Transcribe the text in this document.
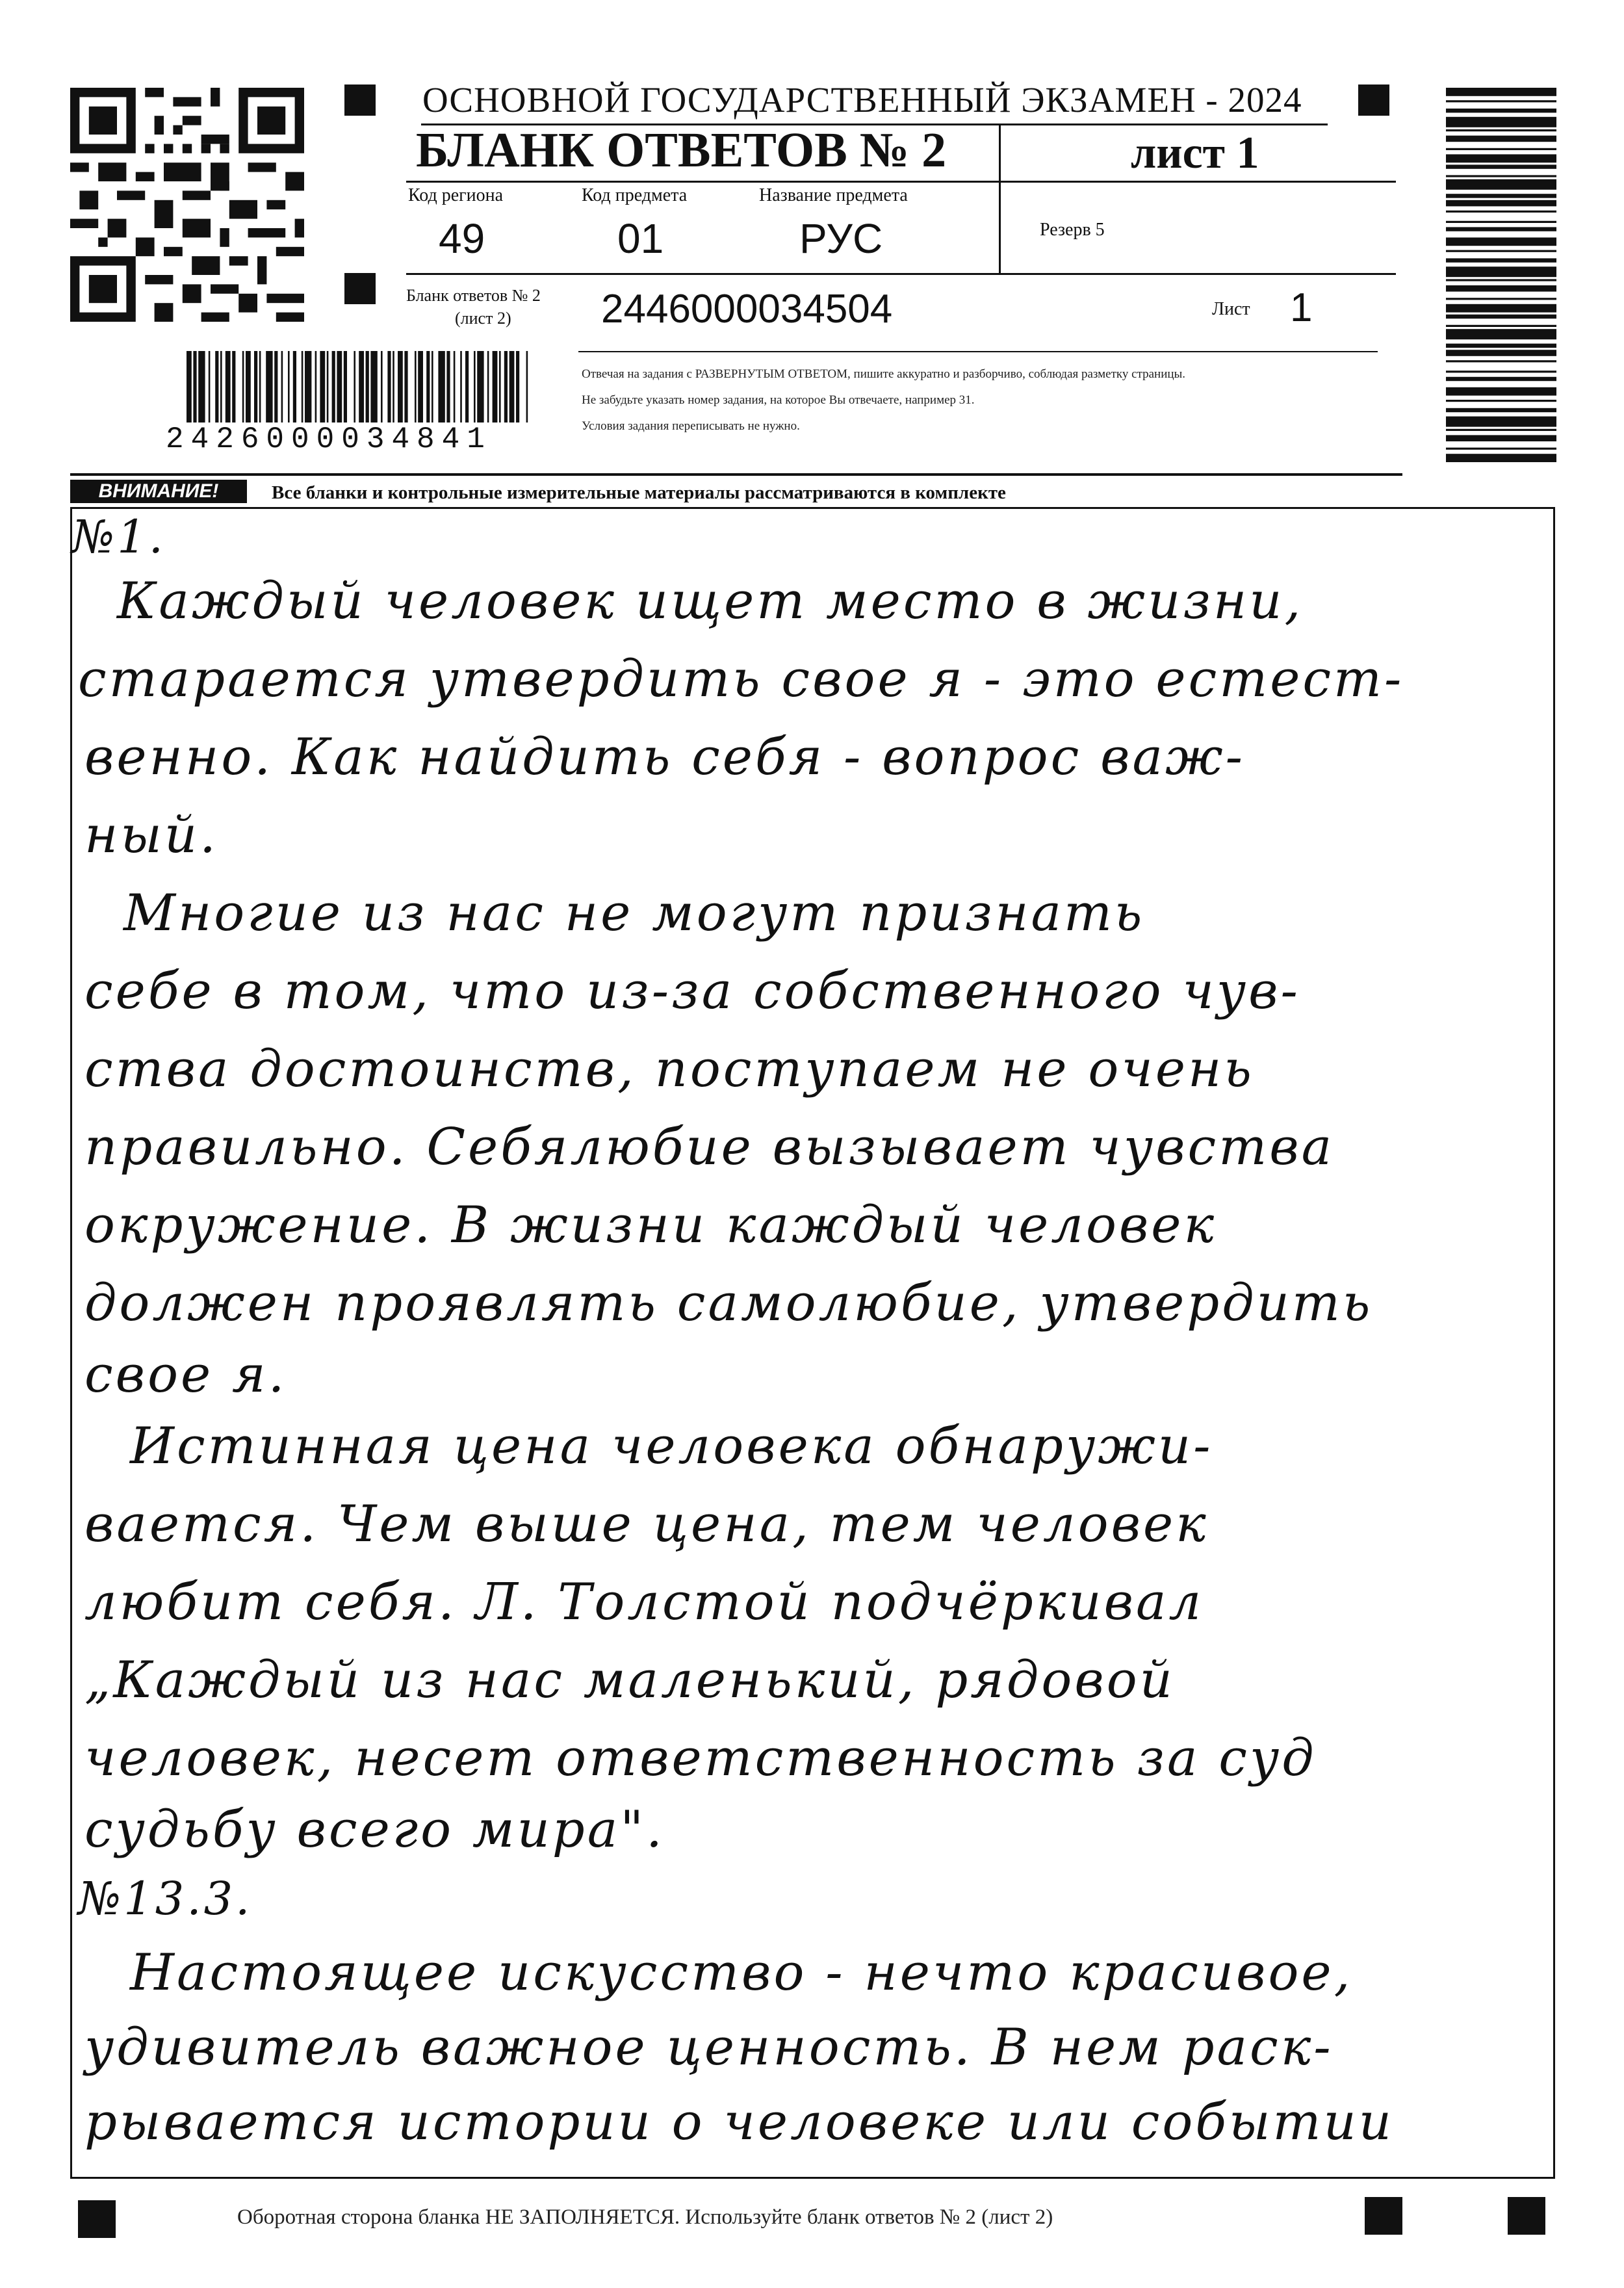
ОСНОВНОЙ ГОСУДАРСТВЕННЫЙ ЭКЗАМЕН - 2024
БЛАНК ОТВЕТОВ № 2	лист 1
Код региона
49
Код предмета
01
Название предмета
РУС	Резерв 5
Бланк ответов № 2
(лист 2) 2446000034504	Лист 1
Отвечая на задания с РАЗВЕРНУТЫМ ОТВЕТОМ, пишите аккуратно и разборчиво, соблюдая разметку страницы.
Не забудьте указать номер задания, на которое Вы отвечаете, например 31.
Условия задания переписывать не нужно.
2426000034841
ВНИМАНИЕ!	Все бланки и контрольные измерительные материалы рассматриваются в комплекте
№1.
Каждый человек ищет место в жизни,
старается утвердить свое я - это естест-
венно. Как найдить себя - вопрос важ-
ный.
Многие из нас не могут признать
себе в том, что из-за собственного чув-
ства достоинств, поступаем не очень
правильно. Себялюбие вызывает чувства
окружение. В жизни каждый человек
должен проявлять самолюбие, утвердить
свое я.
Истинная цена человека обнаружи-
вается. Чем выше цена, тем человек
любит себя. Л. Толстой подчёркивал
„Каждый из нас маленький, рядовой
человек, несет ответственность за суд
судьбу всего мира".
№13.3.
Настоящее искусство - нечто красивое,
удивитель важное ценность. В нем раск-
рывается истории о человеке или событии
Оборотная сторона бланка НЕ ЗАПОЛНЯЕТСЯ. Используйте бланк ответов № 2 (лист 2)
